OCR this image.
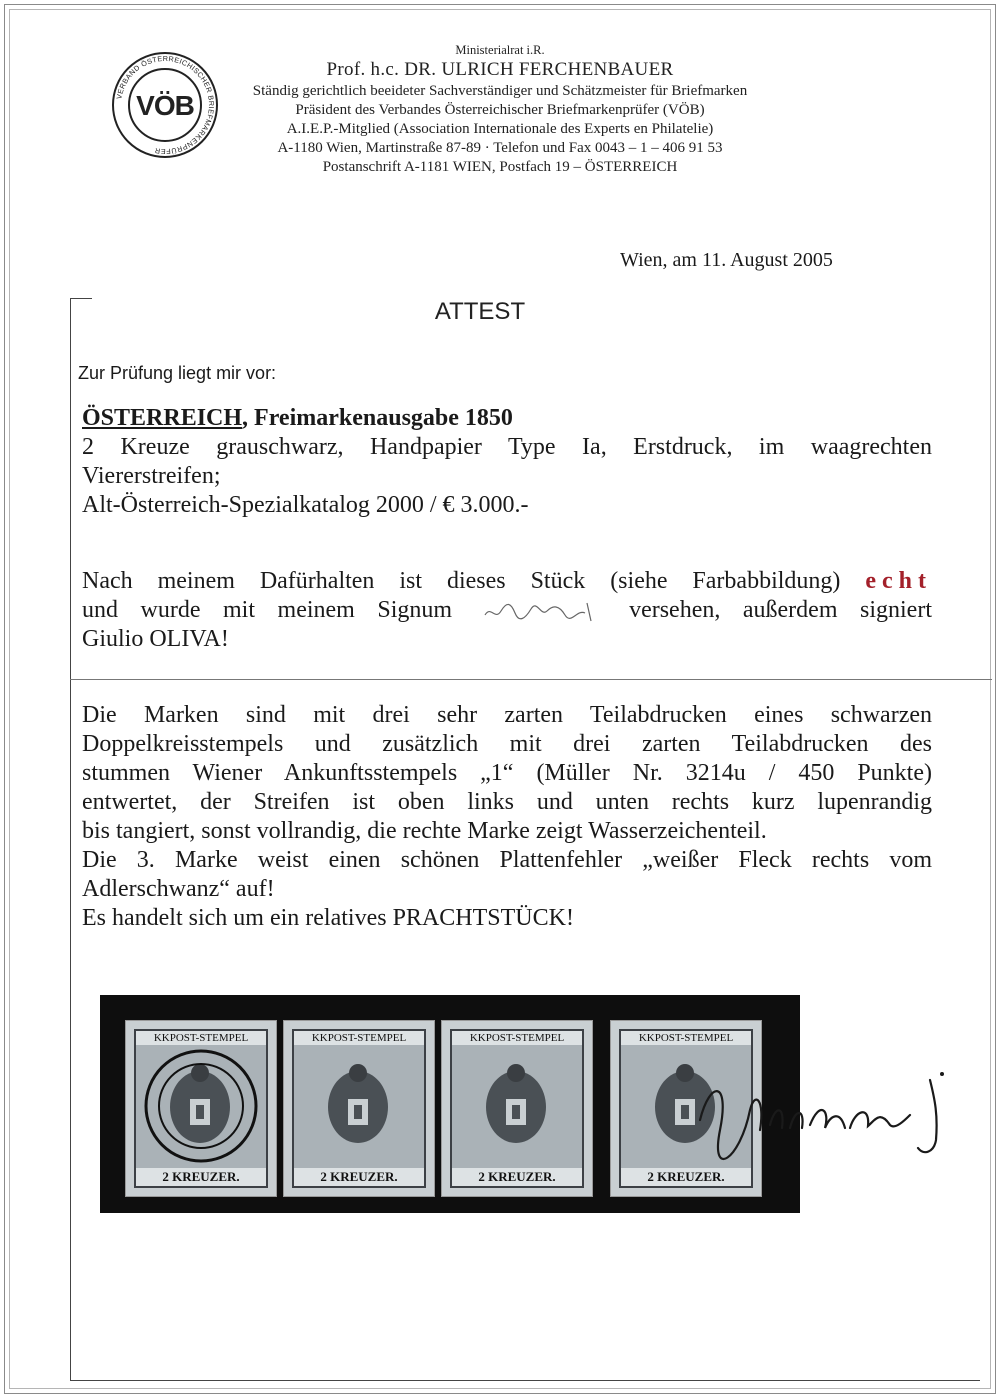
VERBAND ÖSTERREICHISCHER BRIEFMARKENPRÜFER
VÖB
Ministerialrat i.R.
Prof. h.c. DR. ULRICH FERCHENBAUER
Ständig gerichtlich beeideter Sachverständiger und Schätzmeister für Briefmarken
Präsident des Verbandes Österreichischer Briefmarkenprüfer (VÖB)
A.I.E.P.-Mitglied (Association Internationale des Experts en Philatelie)
A-1180 Wien, Martinstraße 87-89 · Telefon und Fax 0043 – 1 – 406 91 53
Postanschrift A-1181 WIEN, Postfach 19 – ÖSTERREICH
Wien, am 11. August 2005
ATTEST
Zur Prüfung liegt mir vor:
ÖSTERREICH, Freimarkenausgabe 1850
2 Kreuze grauschwarz, Handpapier Type Ia, Erstdruck, im waagrechten
Viererstreifen;
Alt-Österreich-Spezialkatalog 2000 / € 3.000.-
Nach meinem Dafürhalten ist dieses Stück (siehe Farbabbildung) echt
und wurde mit meinem Signum	versehen, außerdem signiert
Giulio OLIVA!
Die Marken sind mit drei sehr zarten Teilabdrucken eines schwarzen
Doppelkreisstempels und zusätzlich mit drei zarten Teilabdrucken des
stummen Wiener Ankunftsstempels „1“ (Müller Nr. 3214u / 450 Punkte)
entwertet, der Streifen ist oben links und unten rechts kurz lupenrandig
bis tangiert, sonst vollrandig, die rechte Marke zeigt Wasserzeichenteil.
Die 3. Marke weist einen schönen Plattenfehler „weißer Fleck rechts vom
Adlerschwanz“ auf!
Es handelt sich um ein relatives PRACHTSTÜCK!
KKPOST-STEMPEL
2 KREUZER.
KKPOST-STEMPEL
2 KREUZER.
KKPOST-STEMPEL
2 KREUZER.
KKPOST-STEMPEL
2 KREUZER.
